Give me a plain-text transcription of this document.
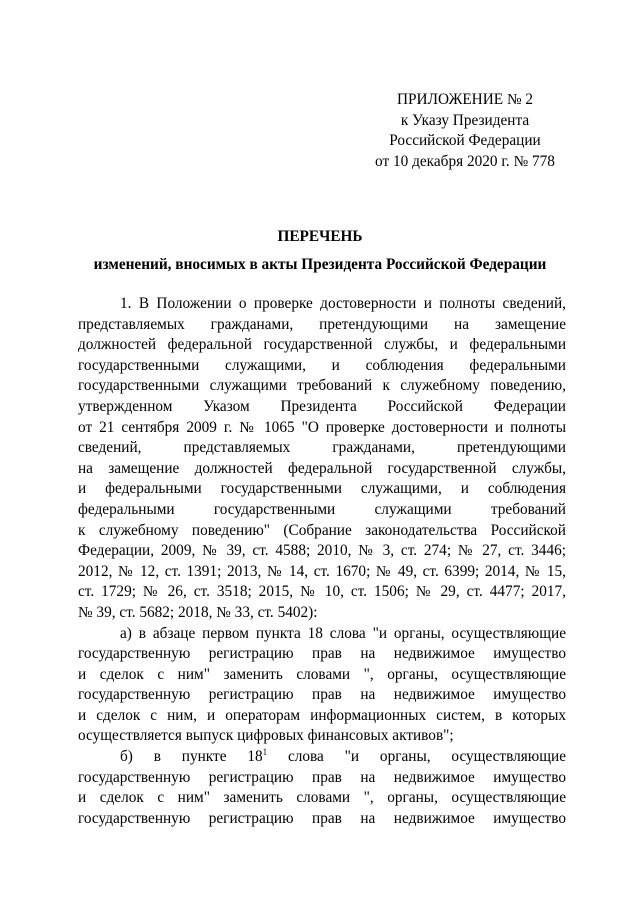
ПРИЛОЖЕНИЕ № 2
к Указу Президента
Российской Федерации
от 10 декабря 2020 г. № 778
ПЕРЕЧЕНЬ
изменений, вносимых в акты Президента Российской Федерации
1. В Положении о проверке достоверности и полноты сведений,
представляемых гражданами, претендующими на замещение
должностей федеральной государственной службы, и федеральными
государственными служащими, и соблюдения федеральными
государственными служащими требований к служебному поведению,
утвержденном Указом Президента Российской Федерации
от 21 сентября 2009 г. № 1065 "О проверке достоверности и полноты
сведений, представляемых гражданами, претендующими
на замещение должностей федеральной государственной службы,
и федеральными государственными служащими, и соблюдения
федеральными государственными служащими требований
к служебному поведению" (Собрание законодательства Российской
Федерации, 2009, № 39, ст. 4588; 2010, № 3, ст. 274; № 27, ст. 3446;
2012, № 12, ст. 1391; 2013, № 14, ст. 1670; № 49, ст. 6399; 2014, № 15,
ст. 1729; № 26, ст. 3518; 2015, № 10, ст. 1506; № 29, ст. 4477; 2017,
№ 39, ст. 5682; 2018, № 33, ст. 5402):
а) в абзаце первом пункта 18 слова "и органы, осуществляющие
государственную регистрацию прав на недвижимое имущество
и сделок с ним" заменить словами ", органы, осуществляющие
государственную регистрацию прав на недвижимое имущество
и сделок с ним, и операторам информационных систем, в которых
осуществляется выпуск цифровых финансовых активов";
б) в пункте $18^1$ слова "и органы, осуществляющие
государственную регистрацию прав на недвижимое имущество
и сделок с ним" заменить словами ", органы, осуществляющие
государственную регистрацию прав на недвижимое имущество
